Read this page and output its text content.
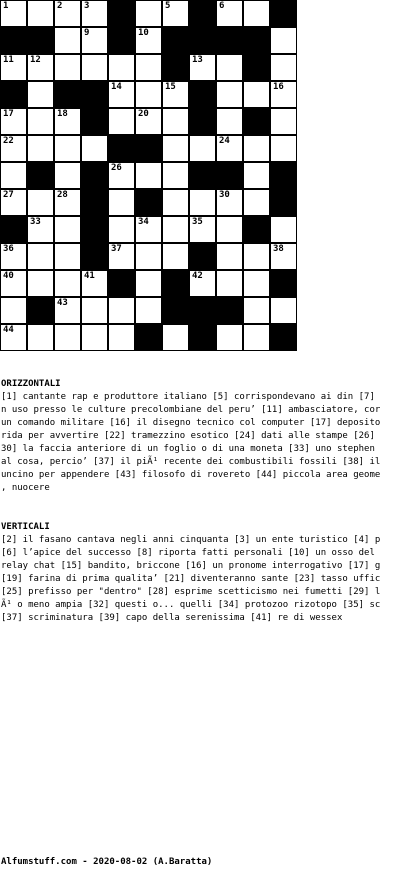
1	2 3	5	6
9	10
11 12	13
14	15	16
17	18	20
22	24
26
27	28	30
33	34	35
36	37	38
40	41	42
43
44
ORIZZONTALI
[1] cantante rap e produttore italiano [5] corrispondevano ai din [7]
n uso presso le culture precolombiane del peru’ [11] ambasciatore, cor
un comando militare [16] il disegno tecnico col computer [17] deposito
rida per avvertire [22] tramezzino esotico [24] dati alle stampe [26]
30] la faccia anteriore di un foglio o di una moneta [33] uno stephen
al cosa, percio’ [37] il piÃ¹ recente dei combustibili fossili [38] il
uncino per appendere [43] filosofo di rovereto [44] piccola area geome
, nuocere
VERTICALI
[2] il fasano cantava negli anni cinquanta [3] un ente turistico [4] p
[6] l’apice del successo [8] riporta fatti personali [10] un osso del
relay chat [15] bandito, briccone [16] un pronome interrogativo [17] g
[19] farina di prima qualita’ [21] diventeranno sante [23] tasso uffic
[25] prefisso per "dentro" [28] esprime scetticismo nei fumetti [29] l
Ã¹ o meno ampia [32] questi o... quelli [34] protozoo rizotopo [35] sc
[37] scriminatura [39] capo della serenissima [41] re di wessex
Alfumstuff.com - 2020-08-02 (A.Baratta)
